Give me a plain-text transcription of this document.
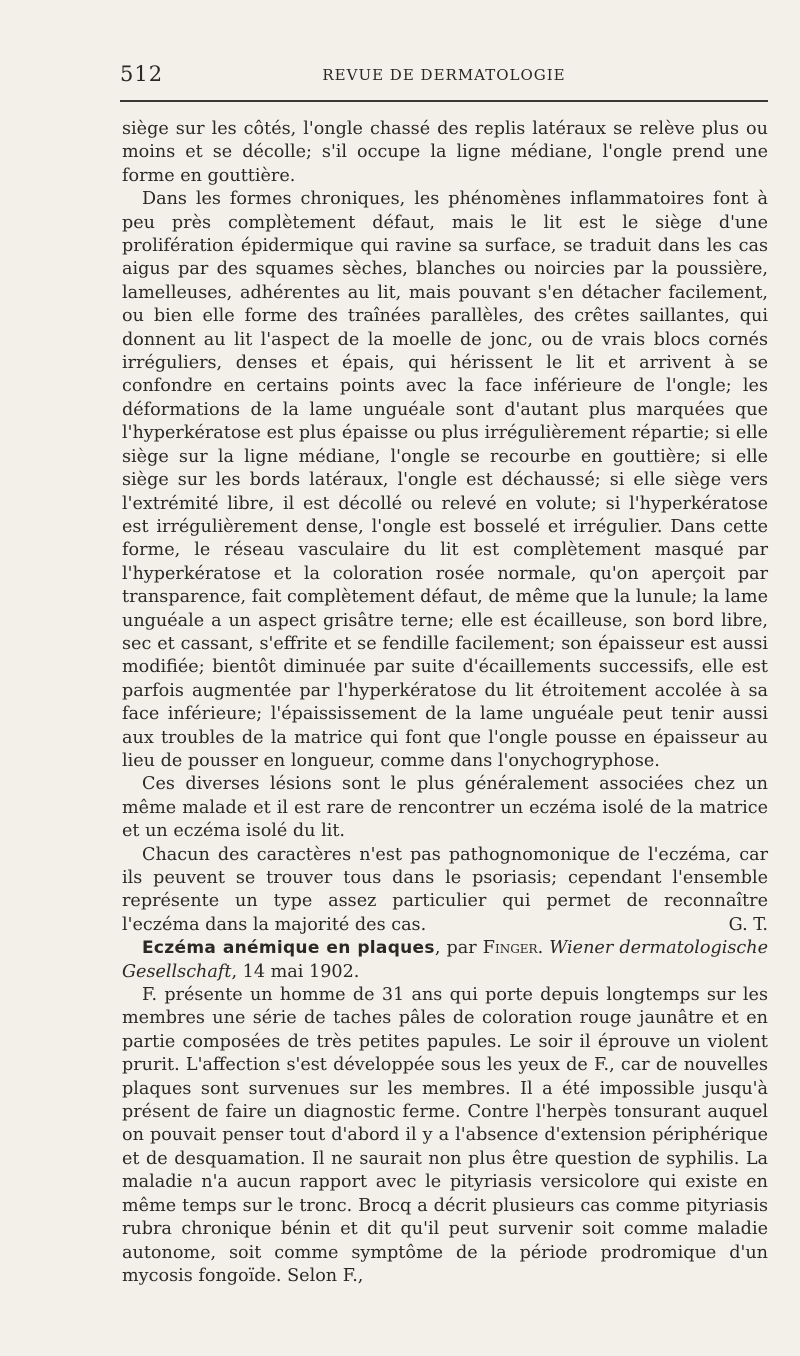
512	REVUE DE DERMATOLOGIE

siège sur les côtés, l'ongle chassé des replis latéraux se relève plus ou moins et se décolle; s'il occupe la ligne médiane, l'ongle prend une forme en gouttière.

Dans les formes chroniques, les phénomènes inflammatoires font à peu près complètement défaut, mais le lit est le siège d'une prolifération épidermique qui ravine sa surface, se traduit dans les cas aigus par des squames sèches, blanches ou noircies par la poussière, lamelleuses, adhérentes au lit, mais pouvant s'en détacher facilement, ou bien elle forme des traînées parallèles, des crêtes saillantes, qui donnent au lit l'aspect de la moelle de jonc, ou de vrais blocs cornés irréguliers, denses et épais, qui hérissent le lit et arrivent à se confondre en certains points avec la face inférieure de l'ongle; les déformations de la lame unguéale sont d'autant plus marquées que l'hyperkératose est plus épaisse ou plus irrégulièrement répartie; si elle siège sur la ligne médiane, l'ongle se recourbe en gouttière; si elle siège sur les bords latéraux, l'ongle est déchaussé; si elle siège vers l'extrémité libre, il est décollé ou relevé en volute; si l'hyperkératose est irrégulièrement dense, l'ongle est bosselé et irrégulier. Dans cette forme, le réseau vasculaire du lit est complètement masqué par l'hyperkératose et la coloration rosée normale, qu'on aperçoit par transparence, fait complètement défaut, de même que la lunule; la lame unguéale a un aspect grisâtre terne; elle est écailleuse, son bord libre, sec et cassant, s'effrite et se fendille facilement; son épaisseur est aussi modifiée; bientôt diminuée par suite d'écaillements successifs, elle est parfois augmentée par l'hyperkératose du lit étroitement accolée à sa face inférieure; l'épaississement de la lame unguéale peut tenir aussi aux troubles de la matrice qui font que l'ongle pousse en épaisseur au lieu de pousser en longueur, comme dans l'onychogryphose.

Ces diverses lésions sont le plus généralement associées chez un même malade et il est rare de rencontrer un eczéma isolé de la matrice et un eczéma isolé du lit.

Chacun des caractères n'est pas pathognomonique de l'eczéma, car ils peuvent se trouver tous dans le psoriasis; cependant l'ensemble représente un type assez particulier qui permet de reconnaître l'eczéma dans la majorité des cas.	G. T.

Eczéma anémique en plaques, par Finger. Wiener dermatologische Gesellschaft, 14 mai 1902.

F. présente un homme de 31 ans qui porte depuis longtemps sur les membres une série de taches pâles de coloration rouge jaunâtre et en partie composées de très petites papules. Le soir il éprouve un violent prurit. L'affection s'est développée sous les yeux de F., car de nouvelles plaques sont survenues sur les membres. Il a été impossible jusqu'à présent de faire un diagnostic ferme. Contre l'herpès tonsurant auquel on pouvait penser tout d'abord il y a l'absence d'extension périphérique et de desquamation. Il ne saurait non plus être question de syphilis. La maladie n'a aucun rapport avec le pityriasis versicolore qui existe en même temps sur le tronc. Brocq a décrit plusieurs cas comme pityriasis rubra chronique bénin et dit qu'il peut survenir soit comme maladie autonome, soit comme symptôme de la période prodromique d'un mycosis fongoïde. Selon F.,
